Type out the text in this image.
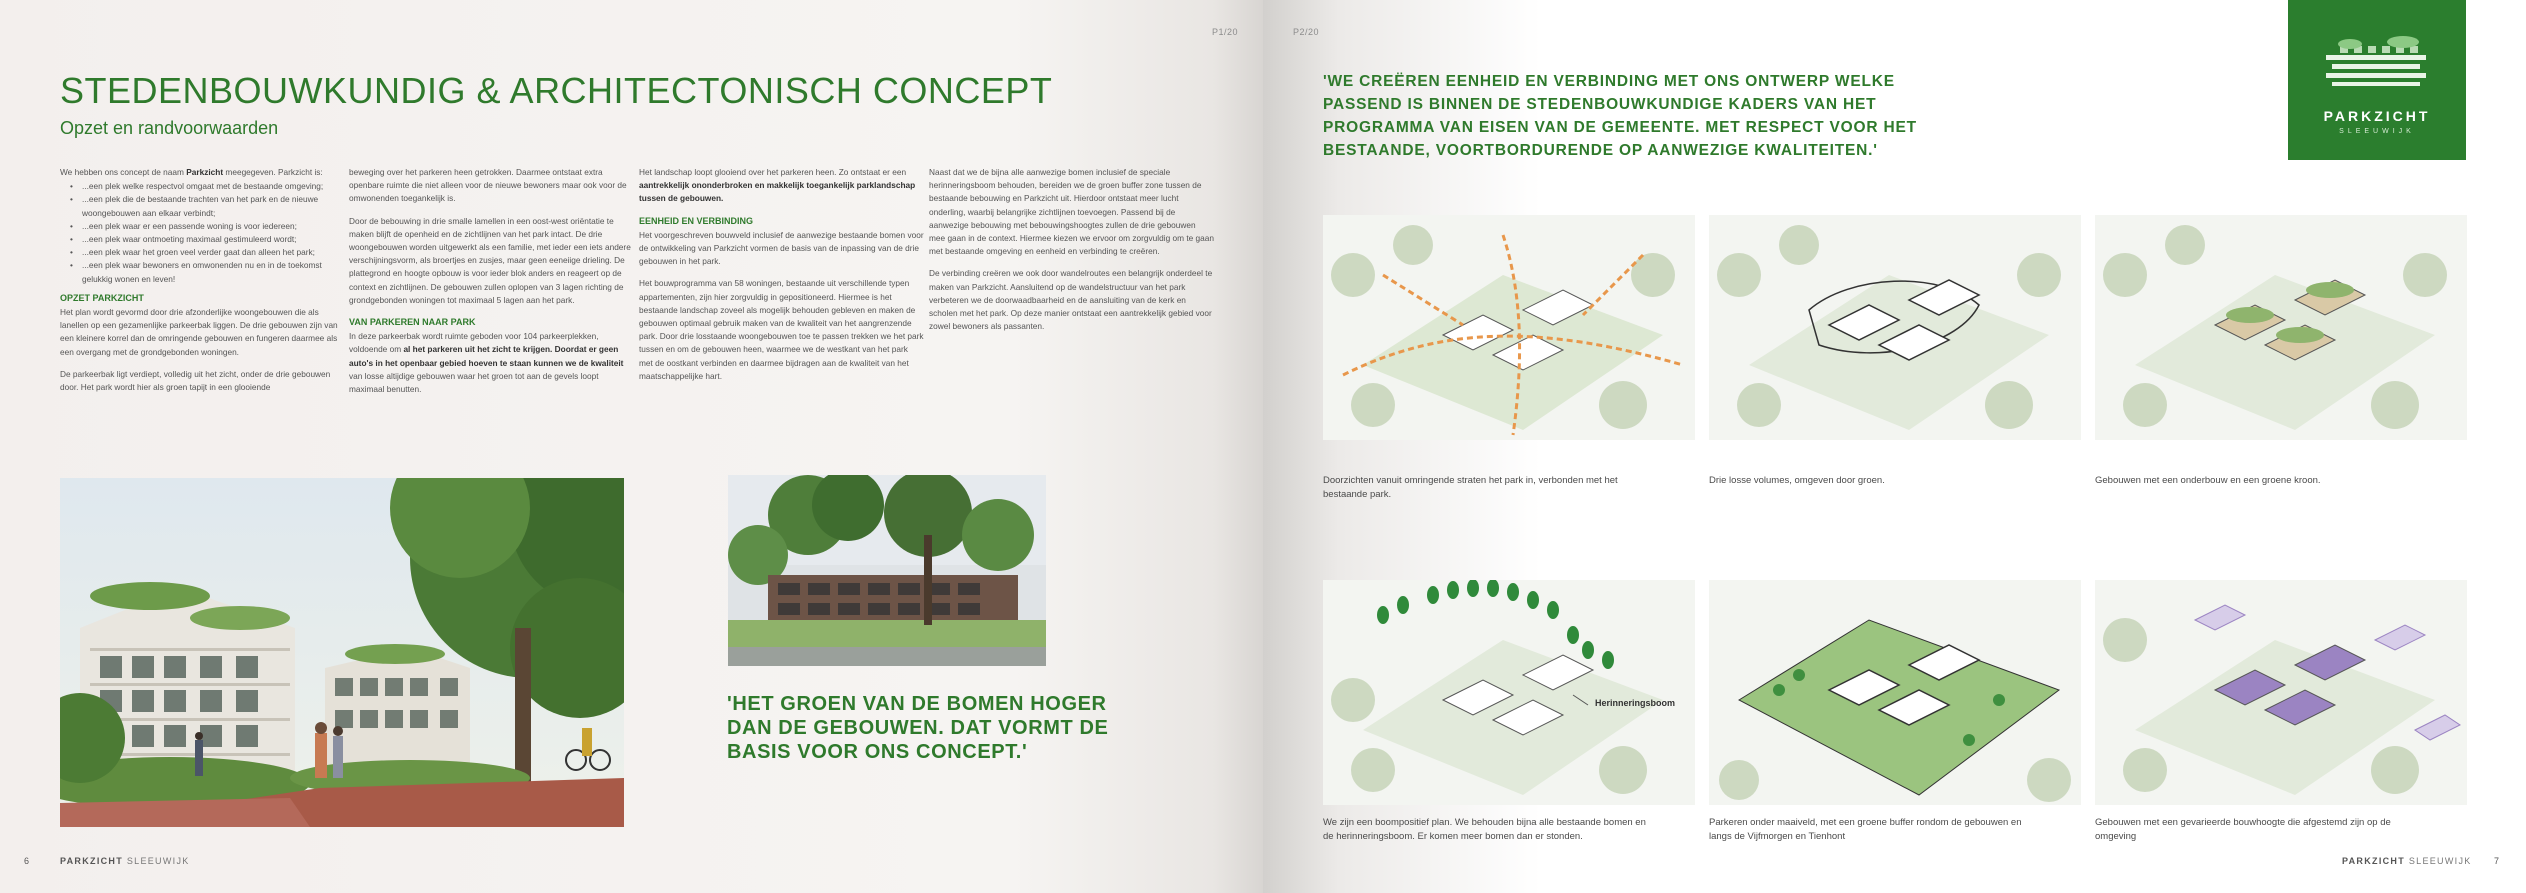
P1/20
STEDENBOUWKUNDIG & ARCHITECTONISCH CONCEPT
Opzet en randvoorwaarden

We hebben ons concept de naam Parkzicht meegegeven. Parkzicht is:

• ...een plek welke respectvol omgaat met de bestaande omgeving;
• ...een plek die de bestaande trachten van het park en de nieuwe woongebouwen aan elkaar verbindt;
• ...een plek waar er een passende woning is voor iedereen;
• ...een plek waar ontmoeting maximaal gestimuleerd wordt;
• ...een plek waar het groen veel verder gaat dan alleen het park;
• ...een plek waar bewoners en omwonenden nu en in de toekomst gelukkig wonen en leven!
OPZET PARKZICHT

Het plan wordt gevormd door drie afzonderlijke woongebouwen die als lanellen op een gezamenlijke parkeerbak liggen. De drie gebouwen zijn van een kleinere korrel dan de omringende gebouwen en fungeren daarmee als een overgang met de grondgebonden woningen.

De parkeerbak ligt verdiept, volledig uit het zicht, onder de drie gebouwen door. Het park wordt hier als groen tapijt in een glooiende

beweging over het parkeren heen getrokken. Daarmee ontstaat extra openbare ruimte die niet alleen voor de nieuwe bewoners maar ook voor de omwonenden toegankelijk is.

Door de bebouwing in drie smalle lamellen in een oost-west oriëntatie te maken blijft de openheid en de zichtlijnen van het park intact. De drie woongebouwen worden uitgewerkt als een familie, met ieder een iets andere verschijningsvorm, als broertjes en zusjes, maar geen eeneiige drieling. De plattegrond en hoogte opbouw is voor ieder blok anders en reageert op de context en zichtlijnen. De gebouwen zullen oplopen van 3 lagen richting de grondgebonden woningen tot maximaal 5 lagen aan het park.

VAN PARKEREN NAAR PARK

In deze parkeerbak wordt ruimte geboden voor 104 parkeerplekken, voldoende om al het parkeren uit het zicht te krijgen. Doordat er geen auto's in het openbaar gebied hoeven te staan kunnen we de kwaliteit van losse altijdige gebouwen waar het groen tot aan de gevels loopt maximaal benutten.

Het landschap loopt glooiend over het parkeren heen. Zo ontstaat er een aantrekkelijk ononderbroken en makkelijk toegankelijk parklandschap tussen de gebouwen.

EENHEID EN VERBINDING

Het voorgeschreven bouwveld inclusief de aanwezige bestaande bomen voor de ontwikkeling van Parkzicht vormen de basis van de inpassing van de drie gebouwen in het park.

Het bouwprogramma van 58 woningen, bestaande uit verschillende typen appartementen, zijn hier zorgvuldig in gepositioneerd. Hiermee is het bestaande landschap zoveel als mogelijk behouden gebleven en maken de gebouwen optimaal gebruik maken van de kwaliteit van het aangrenzende park. Door drie losstaande woongebouwen toe te passen trekken we het park tussen en om de gebouwen heen, waarmee we de westkant van het park met de oostkant verbinden en daarmee bijdragen aan de kwaliteit van het maatschappelijke hart.

Naast dat we de bijna alle aanwezige bomen inclusief de speciale herinneringsboom behouden, bereiden we de groen buffer zone tussen de bestaande bebouwing en Parkzicht uit. Hierdoor ontstaat meer lucht onderling, waarbij belangrijke zichtlijnen toevoegen. Passend bij de aanwezige bebouwing met bebouwingshoogtes zullen de drie gebouwen mee gaan in de context. Hiermee kiezen we ervoor om zorgvuldig om te gaan met bestaande omgeving en eenheid en verbinding te creëren.

De verbinding creëren we ook door wandelroutes een belangrijk onderdeel te maken van Parkzicht. Aansluitend op de wandelstructuur van het park verbeteren we de doorwaadbaarheid en de aansluiting van de kerk en scholen met het park. Op deze manier ontstaat een aantrekkelijk gebied voor zowel bewoners als passanten.

'HET GROEN VAN DE BOMEN HOGER DAN DE GEBOUWEN. DAT VORMT DE BASIS VOOR ONS CONCEPT.'
6	PARKZICHT SLEEUWIJK
P2/20
'WE CREËREN EENHEID EN VERBINDING MET ONS ONTWERP WELKE PASSEND IS BINNEN DE STEDENBOUWKUNDIGE KADERS VAN HET PROGRAMMA VAN EISEN VAN DE GEMEENTE. MET RESPECT VOOR HET BESTAANDE, VOORTBORDURENDE OP AANWEZIGE KWALITEITEN.'
PARKZICHT
SLEEUWIJK
Doorzichten vanuit omringende straten het park in, verbonden met het bestaande park.
Drie losse volumes, omgeven door groen.	Gebouwen met een onderbouw en een groene kroon.
Herinneringsboom
We zijn een boompositief plan. We behouden bijna alle bestaande bomen en de herinneringsboom. Er komen meer bomen dan er stonden.
Parkeren onder maaiveld, met een groene buffer rondom de gebouwen en langs de Vijfmorgen en Tienhont
Gebouwen met een gevarieerde bouwhoogte die afgestemd zijn op de omgeving
PARKZICHT SLEEUWIJK 7
